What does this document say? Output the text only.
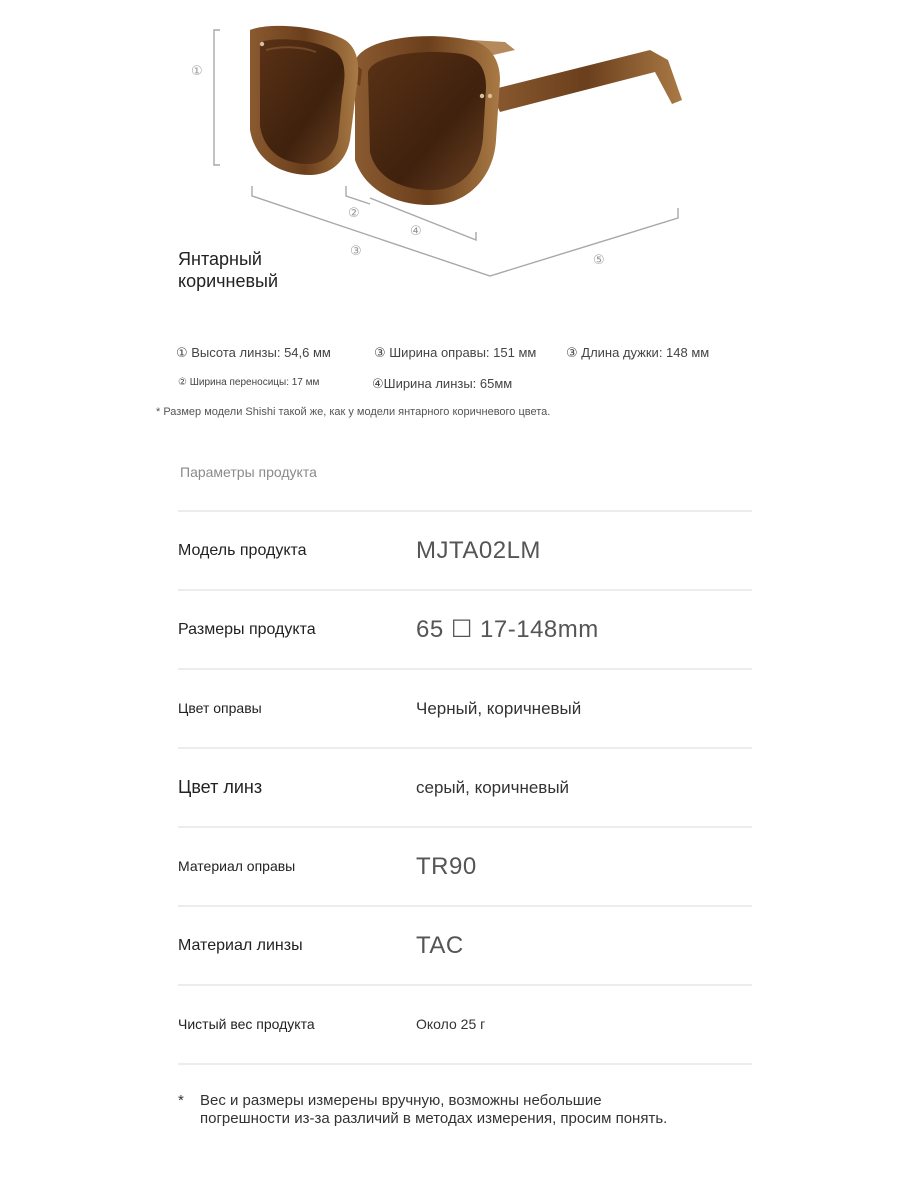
①
②
③
④
⑤
Янтарный
коричневый
① Высота линзы: 54,6 мм	③ Ширина оправы: 151 мм ③ Длина дужки: 148 мм
② Ширина переносицы: 17 мм	④Ширина линзы: 65мм
* Размер модели Shishi такой же, как у модели янтарного коричневого цвета.
Параметры продукта
Модель продукта	MJTA02LM
Размеры продукта	65 ☐ 17-148mm
Цвет оправы	Черный, коричневый
Цвет линз	серый, коричневый
Материал оправы	TR90
Материал линзы	TAC
Чистый вес продукта	Около 25 г
* Вес и размеры измерены вручную, возможны небольшие погрешности из-за различий в методах измерения, просим понять.
